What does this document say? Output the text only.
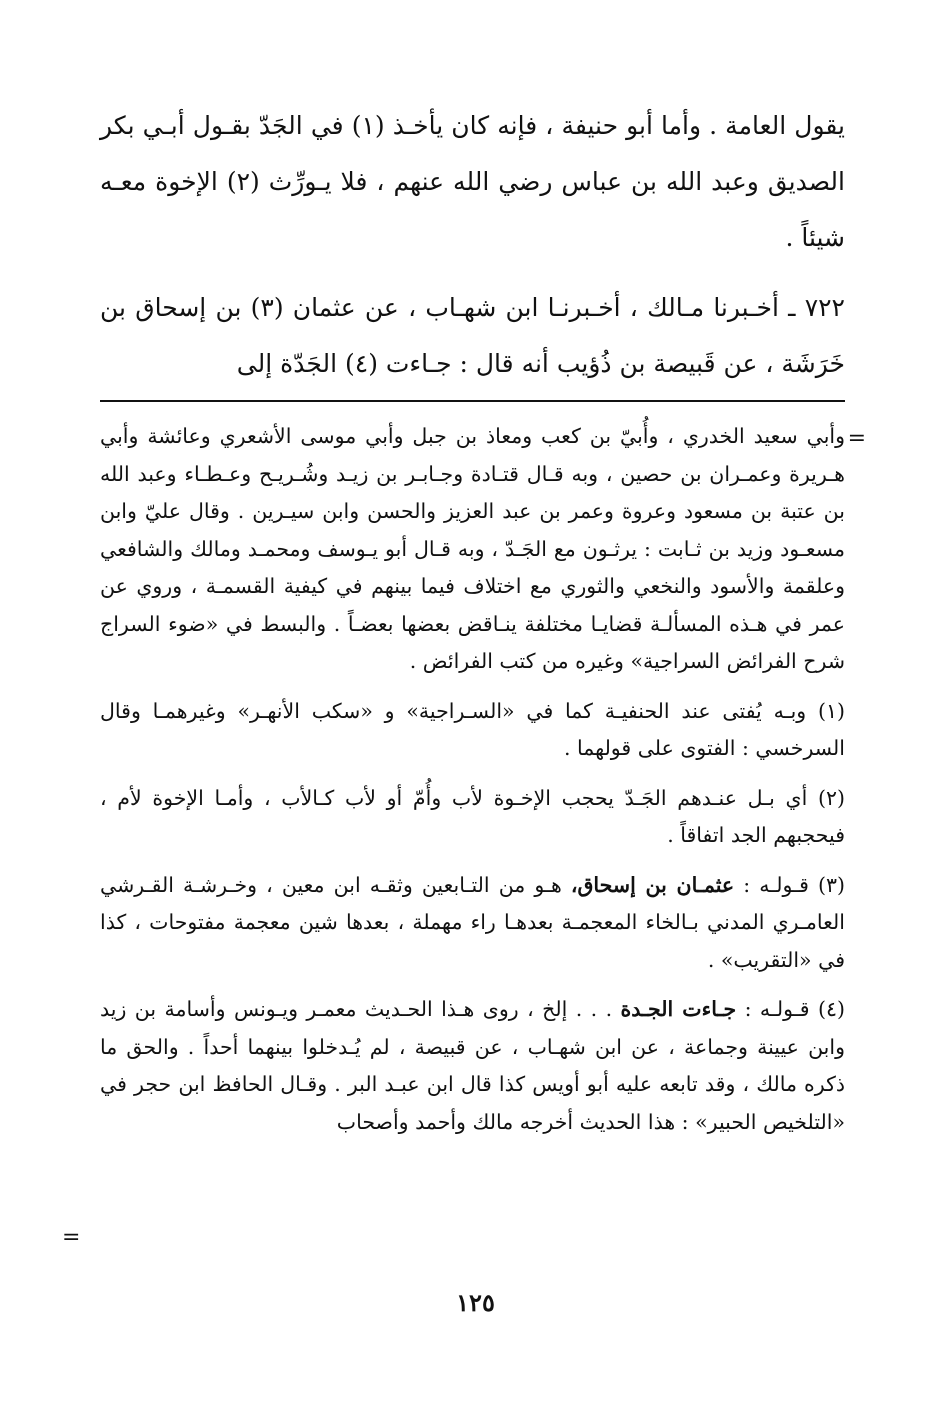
يقول العامة . وأما أبو حنيفة ، فإنه كان يأخـذ (١) في الجَدّ بقـول أبـي بكر الصديق وعبد الله بن عباس رضي الله عنهم ، فلا يـورِّث (٢) الإخوة معـه شيئاً .

٧٢٢ ـ أخـبرنا مـالك ، أخـبرنـا ابن شهـاب ، عن عثمان (٣) بن إسحاق بن خَرَشَة ، عن قَبيصة بن ذُؤيب أنه قال : جـاءت (٤) الجَدّة إلى

=

وأبي سعيد الخدري ، وأُبيّ بن كعب ومعاذ بن جبل وأبي موسى الأشعري وعائشة وأبي هـريرة وعمـران بن حصين ، وبه قـال قتـادة وجـابـر بن زيـد وشُـريـح وعـطـاء وعبد الله بن عتبة بن مسعود وعروة وعمر بن عبد العزيز والحسن وابن سيـرين . وقال عليّ وابن مسعـود وزيد بن ثـابت : يرثـون مع الجَـدّ ، وبه قـال أبو يـوسف ومحمـد ومالك والشافعي وعلقمة والأسود والنخعي والثوري مع اختلاف فيما بينهم في كيفية القسمـة ، وروي عن عمر في هـذه المسألـة قضايـا مختلفة ينـاقض بعضها بعضـاً . والبسط في «ضوء السراج شرح الفرائض السراجية» وغيره من كتب الفرائض .

(١) وبـه يُفتى عند الحنفيـة كما في «السـراجية» و «سكب الأنهـر» وغيرهمـا وقال السرخسي : الفتوى على قولهما .

(٢) أي بـل عنـدهم الجَـدّ يحجب الإخـوة لأب وأُمّ أو لأب كـالأب ، وأمـا الإخوة لأم ، فيحجبهم الجد اتفاقاً .

(٣) قـولـه : عثمـان بن إسحاق، هـو من التـابعين وثقـه ابن معين ، وخـرشـة القـرشي العامـري المدني بـالخاء المعجمـة بعدهـا راء مهملة ، بعدها شين معجمة مفتوحات ، كذا في «التقريب» .

(٤) قـولـه : جـاءت الجـدة . . . إلخ ، روى هـذا الحـديث معمـر ويـونس وأسامة بن زيد وابن عيينة وجماعة ، عن ابن شهـاب ، عن قبيصة ، لم يُـدخلوا بينهما أحداً . والحق ما ذكره مالك ، وقد تابعه عليه أبو أويس كذا قال ابن عبـد البر . وقـال الحافظ ابن حجر في «التلخيص الحبير» : هذا الحديث أخرجه مالك وأحمد وأصحاب

=
١٢٥
